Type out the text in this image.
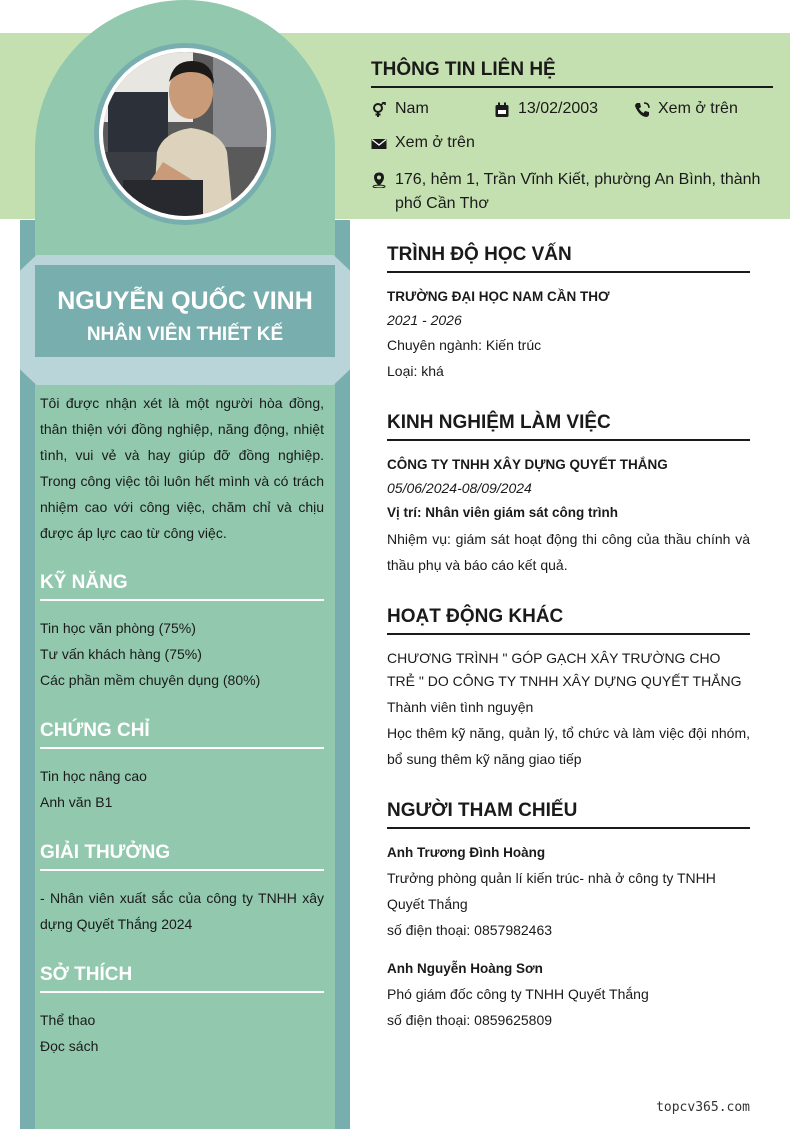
NGUYỄN QUỐC VINH
NHÂN VIÊN THIẾT KẾ
Tôi được nhận xét là một người hòa đồng, thân thiện với đồng nghiệp, năng động, nhiệt tình, vui vẻ và hay giúp đỡ đồng nghiệp. Trong công việc tôi luôn hết mình và có trách nhiệm cao với công việc, chăm chỉ và chịu được áp lực cao từ công việc.
KỸ NĂNG
Tin học văn phòng (75%)
Tư vấn khách hàng (75%)
Các phần mềm chuyên dụng (80%)
CHỨNG CHỈ
Tin học nâng cao
Anh văn B1
GIẢI THƯỞNG
- Nhân viên xuất sắc của công ty TNHH xây dựng Quyết Thắng 2024
SỞ THÍCH
Thể thao
Đọc sách
THÔNG TIN LIÊN HỆ
Nam	13/02/2003	Xem ở trên
Xem ở trên
176, hẻm 1, Trần Vĩnh Kiết, phường An Bình, thành phố Cần Thơ
TRÌNH ĐỘ HỌC VẤN
TRƯỜNG ĐẠI HỌC NAM CẦN THƠ
2021 - 2026
Chuyên ngành: Kiến trúc
Loại: khá
KINH NGHIỆM LÀM VIỆC
CÔNG TY TNHH XÂY DỰNG QUYẾT THẮNG
05/06/2024-08/09/2024
Vị trí: Nhân viên giám sát công trình
Nhiệm vụ: giám sát hoạt động thi công của thầu chính và thầu phụ và báo cáo kết quả.
HOẠT ĐỘNG KHÁC
CHƯƠNG TRÌNH " GÓP GẠCH XÂY TRƯỜNG CHO TRẺ " DO CÔNG TY TNHH XÂY DỰNG QUYẾT THẮNG
Thành viên tình nguyện
Học thêm kỹ năng, quản lý, tổ chức và làm việc đội nhóm, bổ sung thêm kỹ năng giao tiếp
NGƯỜI THAM CHIẾU
Anh Trương Đình Hoàng
Trưởng phòng quản lí kiến trúc- nhà ở công ty TNHH Quyết Thắng
số điện thoại: 0857982463
Anh Nguyễn Hoàng Sơn
Phó giám đốc công ty TNHH Quyết Thắng
số điện thoại: 0859625809
topcv365.com
